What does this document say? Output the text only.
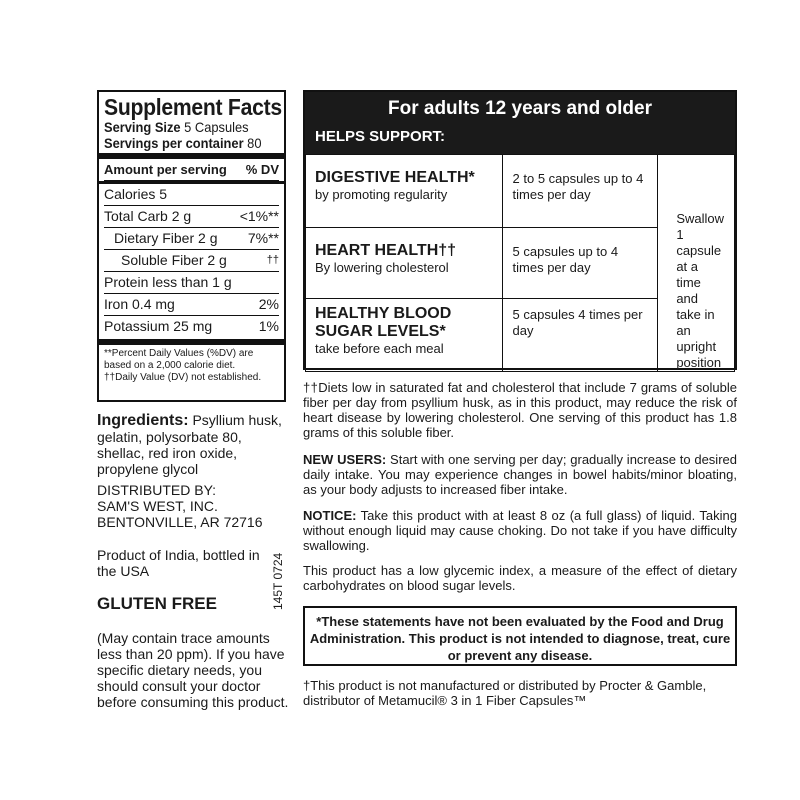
Supplement Facts
Serving Size 5 Capsules
Servings per container 80
Amount per serving % DV
Calories 5
Total Carb 2 g	<1%**
Dietary Fiber 2 g 7%**
Soluble Fiber 2 g	††
Protein less than 1 g
Iron 0.4 mg	2%
Potassium 25 mg	1%
**Percent Daily Values (%DV) are based on a 2,000 calorie diet.
††Daily Value (DV) not established.
Ingredients: Psyllium husk, gelatin, polysorbate 80, shellac, red iron oxide, propylene glycol
DISTRIBUTED BY:
SAM'S WEST, INC.
BENTONVILLE, AR 72716
Product of India, bottled in the USA	145T 0724
GLUTEN FREE
(May contain trace amounts less than 20 ppm). If you have specific dietary needs, you should consult your doctor before consuming this product.
For adults 12 years and older
HELPS SUPPORT:
DIGESTIVE HEALTH*
by promoting regularity	2 to 5 capsules up to 4 times per day	Swallow 1 capsule at a time and take in an upright position

HEART HEALTH††
By lowering cholesterol	5 capsules up to 4 times per day	

HEALTHY BLOOD SUGAR LEVELS*
take before each meal	5 capsules 4 times per day	
††Diets low in saturated fat and cholesterol that include 7 grams of soluble fiber per day from psyllium husk, as in this product, may reduce the risk of heart disease by lowering cholesterol. One serving of this product has 1.8 grams of this soluble fiber.
NEW USERS: Start with one serving per day; gradually increase to desired daily intake. You may experience changes in bowel habits/minor bloating, as your body adjusts to increased fiber intake.
NOTICE: Take this product with at least 8 oz (a full glass) of liquid. Taking without enough liquid may cause choking. Do not take if you have difficulty swallowing.
This product has a low glycemic index, a measure of the effect of dietary carbohydrates on blood sugar levels.
*These statements have not been evaluated by the Food and Drug Administration. This product is not intended to diagnose, treat, cure or prevent any disease.
†This product is not manufactured or distributed by Procter & Gamble, distributor of Metamucil® 3 in 1 Fiber Capsules™
